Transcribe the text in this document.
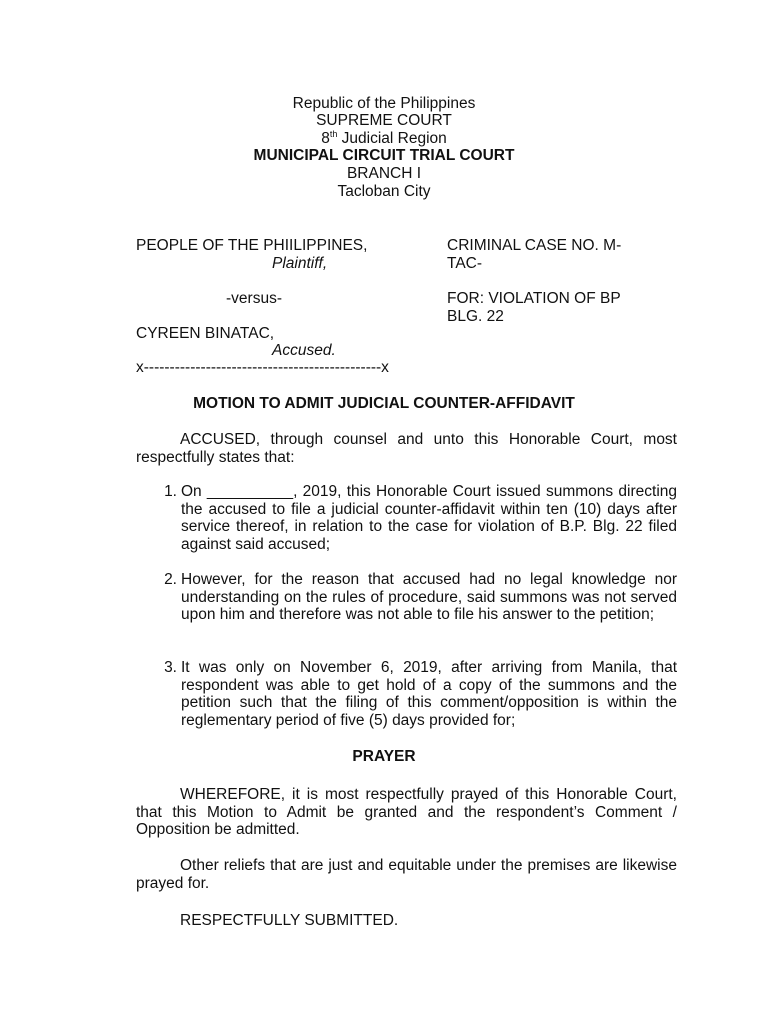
Republic of the Philippines
SUPREME COURT
8th Judicial Region
MUNICIPAL CIRCUIT TRIAL COURT
BRANCH I
Tacloban City
PEOPLE OF THE PHIILIPPINES,
Plaintiff,
-versus-
CYREEN BINATAC,
Accused.
x----------------------------------------------x
CRIMINAL CASE NO. M-
TAC-
FOR: VIOLATION OF BP
BLG. 22
MOTION TO ADMIT JUDICIAL COUNTER-AFFIDAVIT
ACCUSED, through counsel and unto this Honorable Court, most respectfully states that:
1. On __________, 2019, this Honorable Court issued summons directing the accused to file a judicial counter-affidavit within ten (10) days after service thereof, in relation to the case for violation of B.P. Blg. 22 filed against said accused;
2. However, for the reason that accused had no legal knowledge nor understanding on the rules of procedure, said summons was not served upon him and therefore was not able to file his answer to the petition;
3. It was only on November 6, 2019, after arriving from Manila, that respondent was able to get hold of a copy of the summons and the petition such that the filing of this comment/opposition is within the reglementary period of five (5) days provided for;
PRAYER
WHEREFORE, it is most respectfully prayed of this Honorable Court, that this Motion to Admit be granted and the respondent’s Comment / Opposition be admitted.
Other reliefs that are just and equitable under the premises are likewise prayed for.
RESPECTFULLY SUBMITTED.
